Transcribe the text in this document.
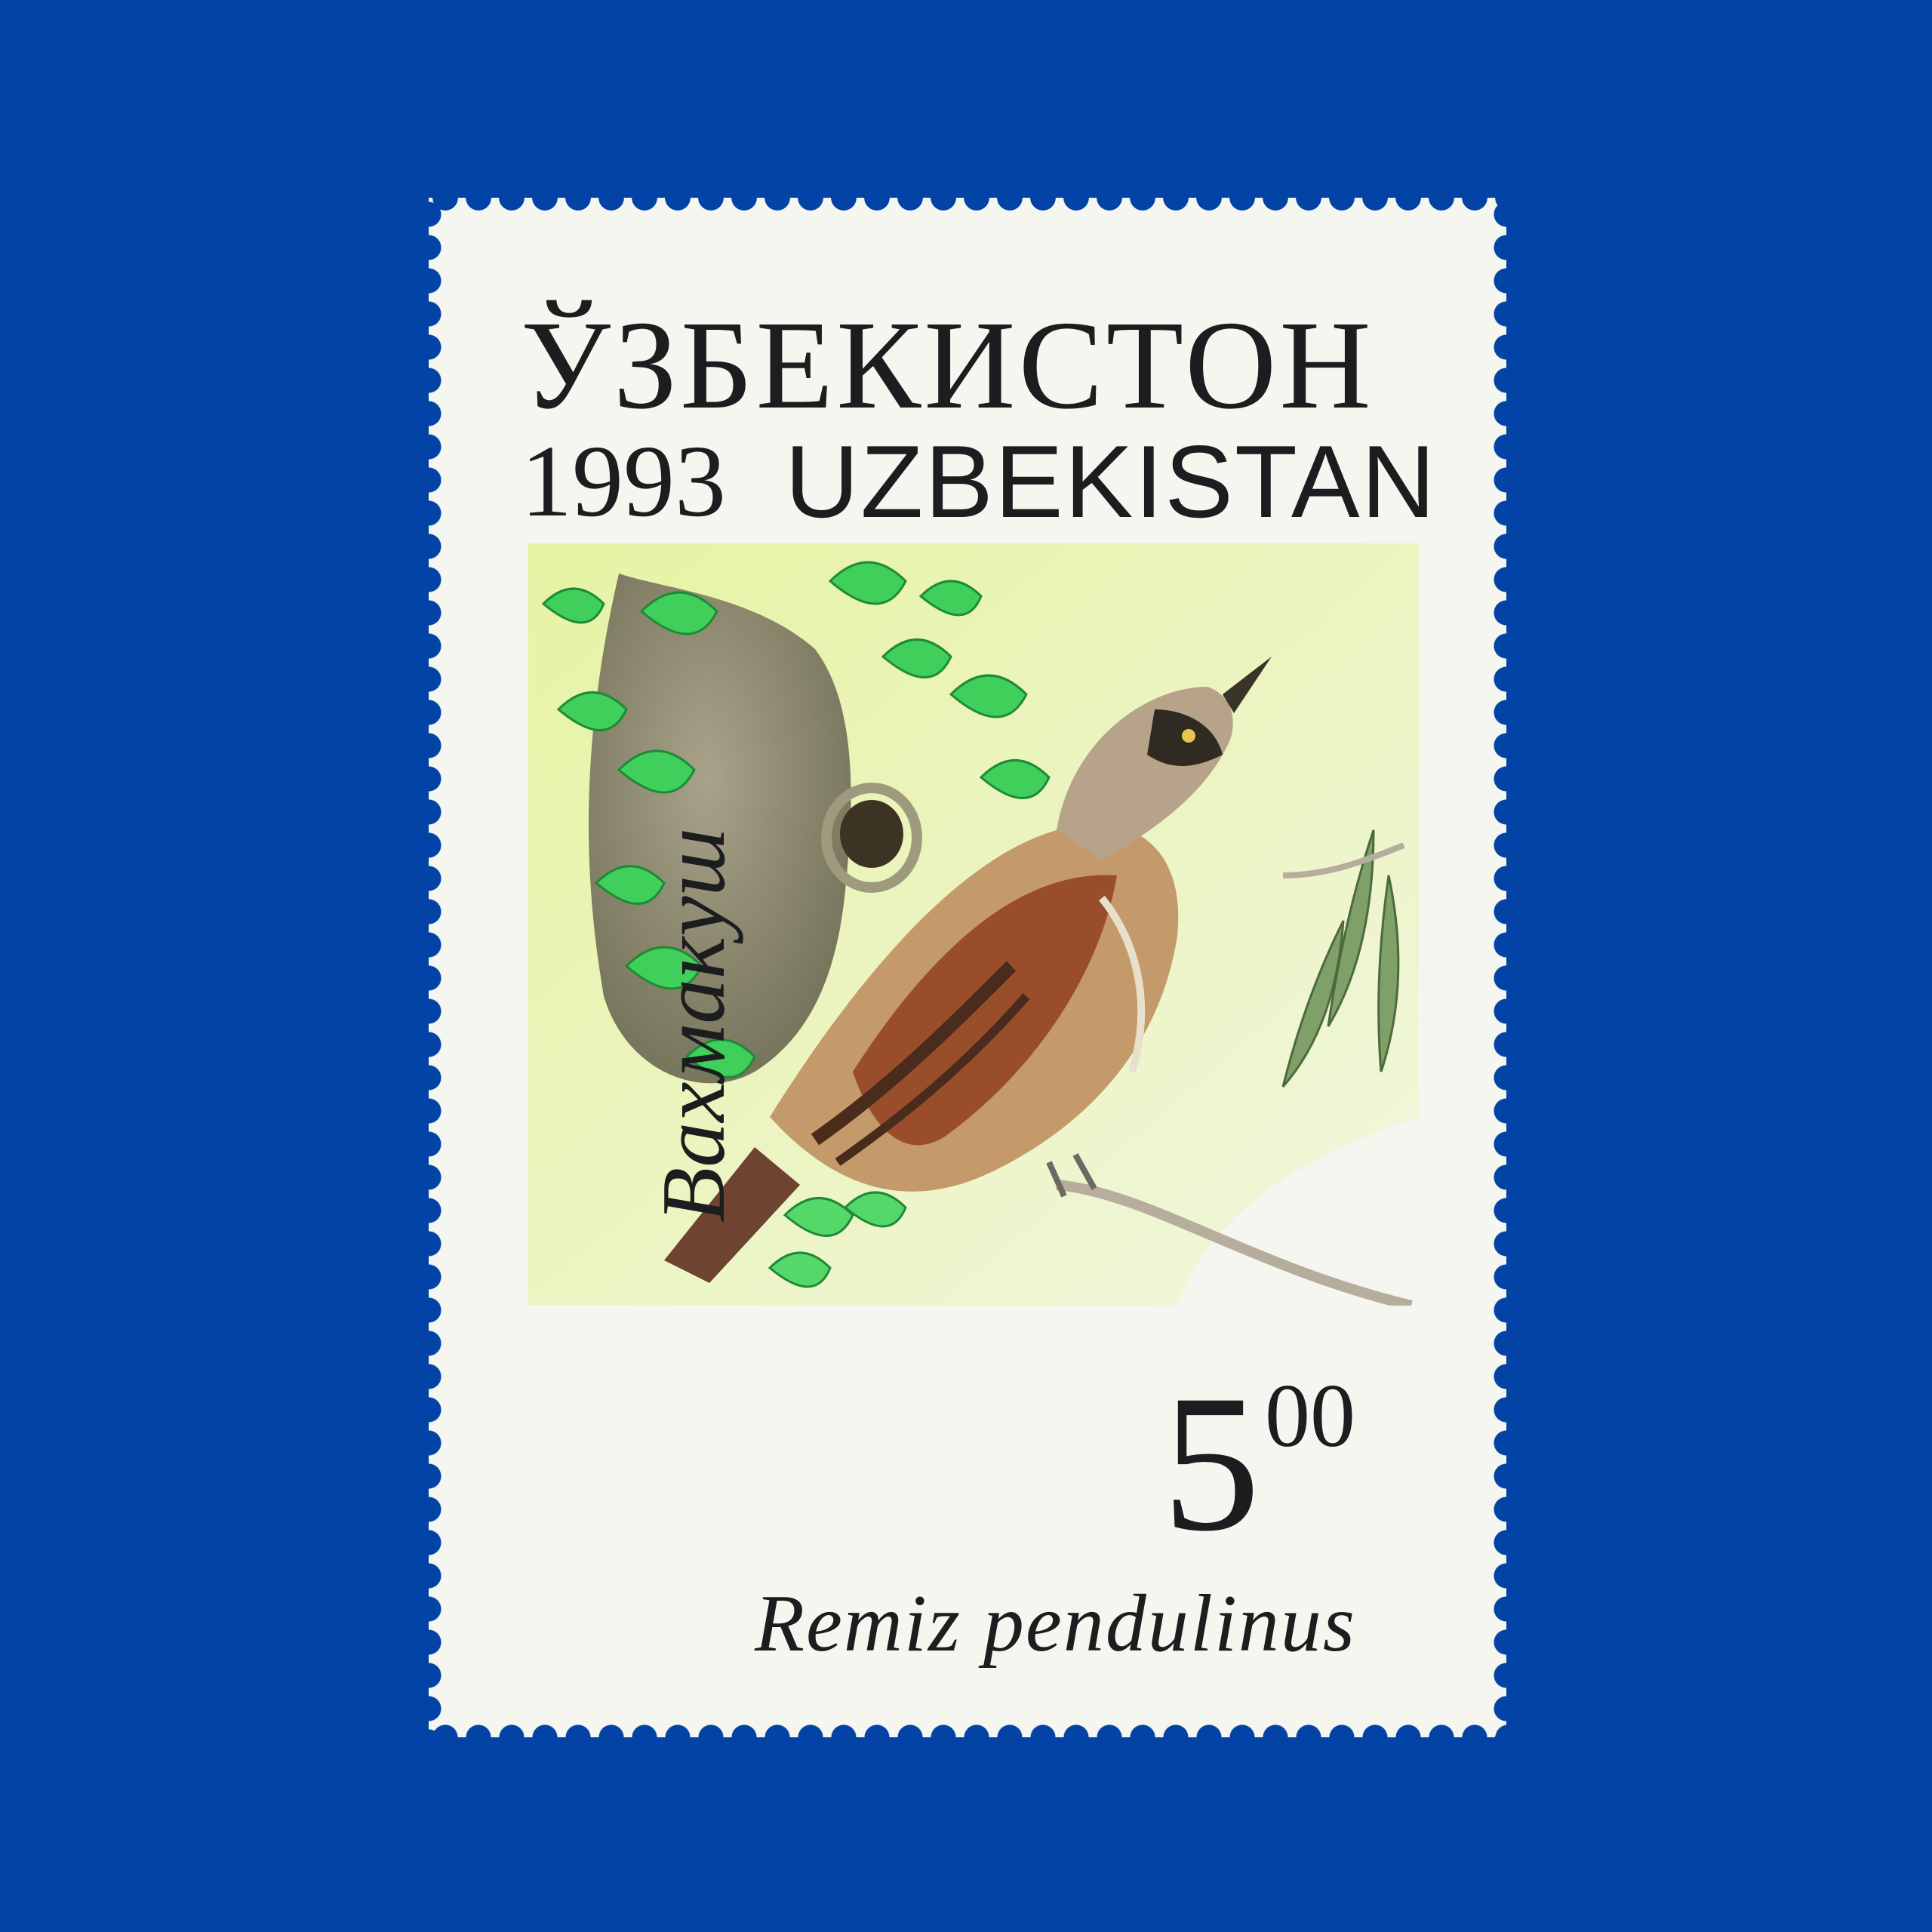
ЎЗБЕКИСТОН
1993 UZBEKISTAN
Вахмакуш
500
Remiz pendulinus
